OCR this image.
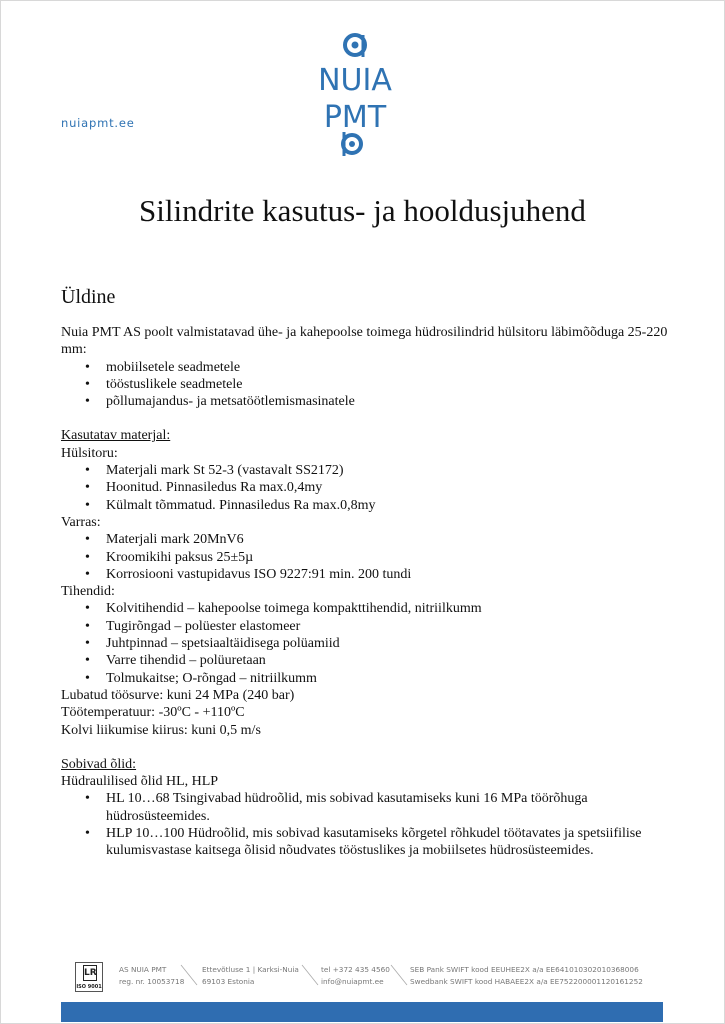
nuiapmt.ee
NUIA
PMT
Silindrite kasutus- ja hooldusjuhend
Üldine

Nuia PMT AS poolt valmistatavad ühe- ja kahepoolse toimega hüdrosilindrid hülsitoru läbimõõduga 25-220 mm:

• mobiilsetele seadmetele
• tööstuslikele seadmetele
• põllumajandus- ja metsatöötlemismasinatele

Kasutatav materjal:

Hülsitoru:

• Materjali mark St 52-3 (vastavalt SS2172)
• Hoonitud. Pinnasiledus Ra max.0,4my
• Külmalt tõmmatud. Pinnasiledus Ra max.0,8my

Varras:

• Materjali mark 20MnV6
• Kroomikihi paksus 25±5µ
• Korrosiooni vastupidavus ISO 9227:91 min. 200 tundi

Tihendid:

• Kolvitihendid – kahepoolse toimega kompakttihendid, nitriilkumm
• Tugirõngad – polüester elastomeer
• Juhtpinnad – spetsiaaltäidisega polüamiid
• Varre tihendid – polüuretaan
• Tolmukaitse; O-rõngad – nitriilkumm

Lubatud töösurve: kuni 24 MPa (240 bar)

Töötemperatuur: -30ºC - +110ºC

Kolvi liikumise kiirus: kuni 0,5 m/s

Sobivad õlid:

Hüdraulilised õlid HL, HLP

• HL 10…68 Tsingivabad hüdroõlid, mis sobivad kasutamiseks kuni 16 MPa töörõhuga hüdrosüsteemides.
• HLP 10…100 Hüdroõlid, mis sobivad kasutamiseks kõrgetel rõhkudel töötavates ja spetsiifilise kulumisvastase kaitsega õlisid nõudvates tööstuslikes ja mobiilsetes hüdrosüsteemides.
LR
ISO 9001
AS NUIA PMT
reg. nr. 10053718
Ettevõtluse 1 | Karksi-Nuia
69103 Estonia
tel +372 435 4560
info@nuiapmt.ee
SEB Pank SWIFT kood EEUHEE2X a/a EE641010302010368006
Swedbank SWIFT kood HABAEE2X a/a EE752200001120161252
